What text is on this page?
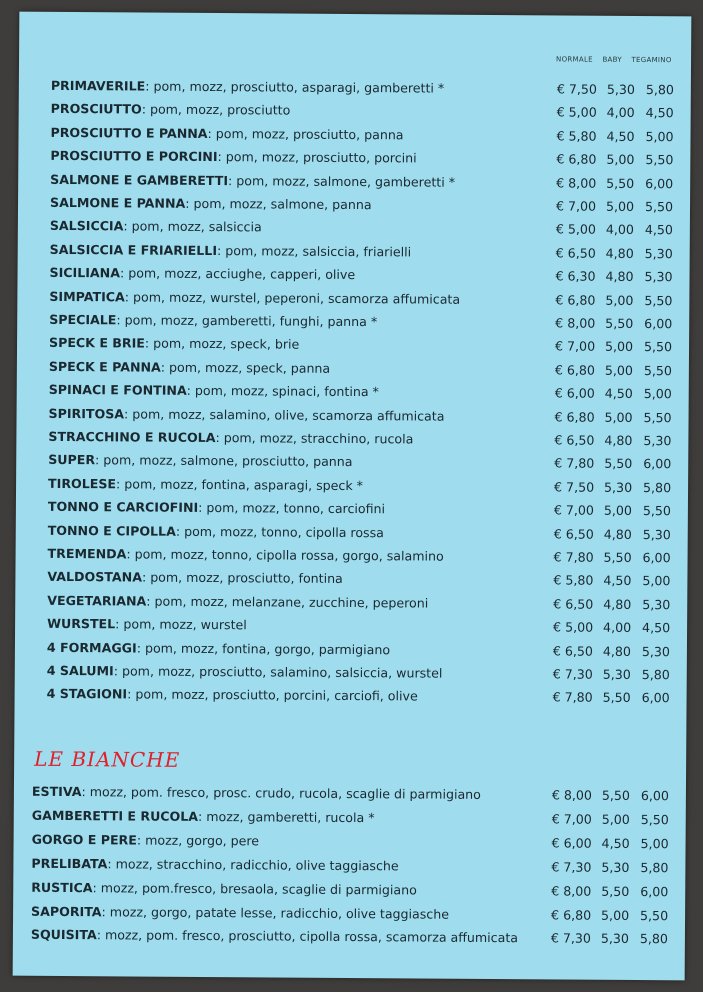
NORMALE BABY TEGAMINO
PRIMAVERILE: pom, mozz, prosciutto, asparagi, gamberetti *	€ 7,50 5,30 5,80
PROSCIUTTO: pom, mozz, prosciutto	€ 5,00 4,00 4,50
PROSCIUTTO E PANNA: pom, mozz, prosciutto, panna	€ 5,80 4,50 5,00
PROSCIUTTO E PORCINI: pom, mozz, prosciutto, porcini	€ 6,80 5,00 5,50
SALMONE E GAMBERETTI: pom, mozz, salmone, gamberetti *	€ 8,00 5,50 6,00
SALMONE E PANNA: pom, mozz, salmone, panna	€ 7,00 5,00 5,50
SALSICCIA: pom, mozz, salsiccia	€ 5,00 4,00 4,50
SALSICCIA E FRIARIELLI: pom, mozz, salsiccia, friarielli	€ 6,50 4,80 5,30
SICILIANA: pom, mozz, acciughe, capperi, olive	€ 6,30 4,80 5,30
SIMPATICA: pom, mozz, wurstel, peperoni, scamorza affumicata	€ 6,80 5,00 5,50
SPECIALE: pom, mozz, gamberetti, funghi, panna *	€ 8,00 5,50 6,00
SPECK E BRIE: pom, mozz, speck, brie	€ 7,00 5,00 5,50
SPECK E PANNA: pom, mozz, speck, panna	€ 6,80 5,00 5,50
SPINACI E FONTINA: pom, mozz, spinaci, fontina *	€ 6,00 4,50 5,00
SPIRITOSA: pom, mozz, salamino, olive, scamorza affumicata	€ 6,80 5,00 5,50
STRACCHINO E RUCOLA: pom, mozz, stracchino, rucola	€ 6,50 4,80 5,30
SUPER: pom, mozz, salmone, prosciutto, panna	€ 7,80 5,50 6,00
TIROLESE: pom, mozz, fontina, asparagi, speck *	€ 7,50 5,30 5,80
TONNO E CARCIOFINI: pom, mozz, tonno, carciofini	€ 7,00 5,00 5,50
TONNO E CIPOLLA: pom, mozz, tonno, cipolla rossa	€ 6,50 4,80 5,30
TREMENDA: pom, mozz, tonno, cipolla rossa, gorgo, salamino	€ 7,80 5,50 6,00
VALDOSTANA: pom, mozz, prosciutto, fontina	€ 5,80 4,50 5,00
VEGETARIANA: pom, mozz, melanzane, zucchine, peperoni	€ 6,50 4,80 5,30
WURSTEL: pom, mozz, wurstel	€ 5,00 4,00 4,50
4 FORMAGGI: pom, mozz, fontina, gorgo, parmigiano	€ 6,50 4,80 5,30
4 SALUMI: pom, mozz, prosciutto, salamino, salsiccia, wurstel	€ 7,30 5,30 5,80
4 STAGIONI: pom, mozz, prosciutto, porcini, carciofi, olive	€ 7,80 5,50 6,00
LE BIANCHE
ESTIVA: mozz, pom. fresco, prosc. crudo, rucola, scaglie di parmigiano	€ 8,00 5,50 6,00
GAMBERETTI E RUCOLA: mozz, gamberetti, rucola *	€ 7,00 5,00 5,50
GORGO E PERE: mozz, gorgo, pere	€ 6,00 4,50 5,00
PRELIBATA: mozz, stracchino, radicchio, olive taggiasche	€ 7,30 5,30 5,80
RUSTICA: mozz, pom.fresco, bresaola, scaglie di parmigiano	€ 8,00 5,50 6,00
SAPORITA: mozz, gorgo, patate lesse, radicchio, olive taggiasche	€ 6,80 5,00 5,50
SQUISITA: mozz, pom. fresco, prosciutto, cipolla rossa, scamorza affumicata	€ 7,30 5,30 5,80
